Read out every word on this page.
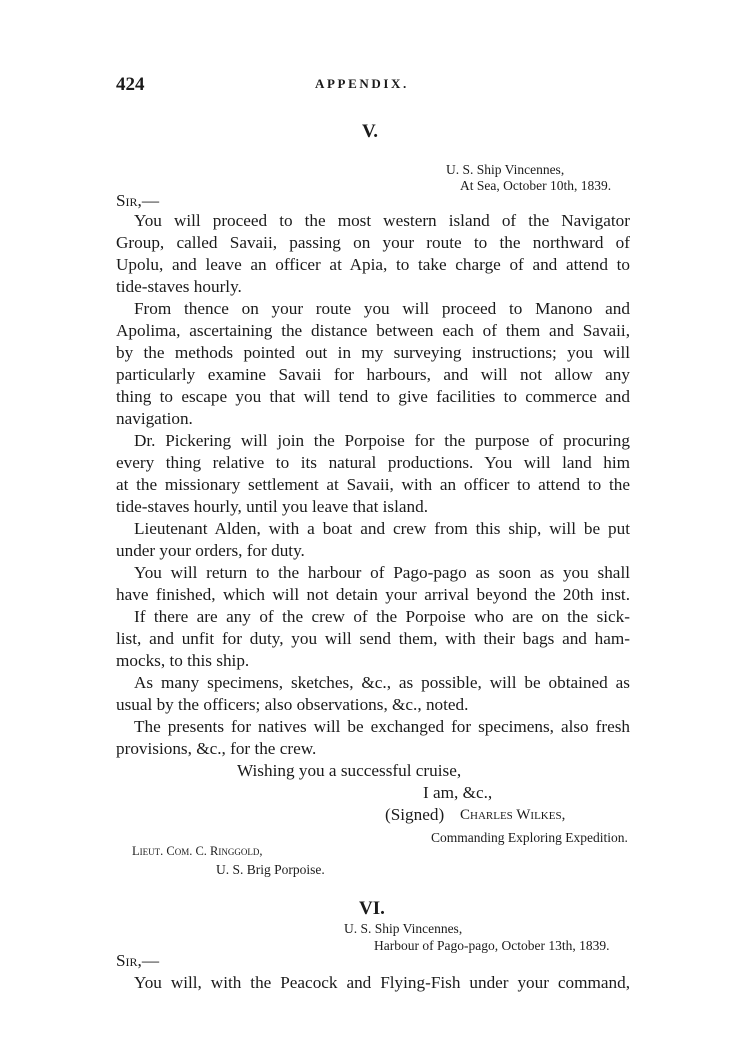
424	APPENDIX.
V.
U. S. Ship Vincennes,
At Sea, October 10th, 1839.
Sir,—
You will proceed to the most western island of the Navigator
Group, called Savaii, passing on your route to the northward of
Upolu, and leave an officer at Apia, to take charge of and attend to
tide-staves hourly.
From thence on your route you will proceed to Manono and
Apolima, ascertaining the distance between each of them and Savaii,
by the methods pointed out in my surveying instructions; you will
particularly examine Savaii for harbours, and will not allow any
thing to escape you that will tend to give facilities to commerce and
navigation.
Dr. Pickering will join the Porpoise for the purpose of procuring
every thing relative to its natural productions. You will land him
at the missionary settlement at Savaii, with an officer to attend to the
tide-staves hourly, until you leave that island.
Lieutenant Alden, with a boat and crew from this ship, will be put
under your orders, for duty.
You will return to the harbour of Pago-pago as soon as you shall
have finished, which will not detain your arrival beyond the 20th inst.
If there are any of the crew of the Porpoise who are on the sick-
list, and unfit for duty, you will send them, with their bags and ham-
mocks, to this ship.
As many specimens, sketches, &c., as possible, will be obtained as
usual by the officers; also observations, &c., noted.
The presents for natives will be exchanged for specimens, also fresh
provisions, &c., for the crew.
Wishing you a successful cruise,
I am, &c.,
(Signed) Charles Wilkes,
Commanding Exploring Expedition.
Lieut. Com. C. Ringgold,
U. S. Brig Porpoise.
VI.
U. S. Ship Vincennes,
Harbour of Pago-pago, October 13th, 1839.
Sir,—
You will, with the Peacock and Flying-Fish under your command,
